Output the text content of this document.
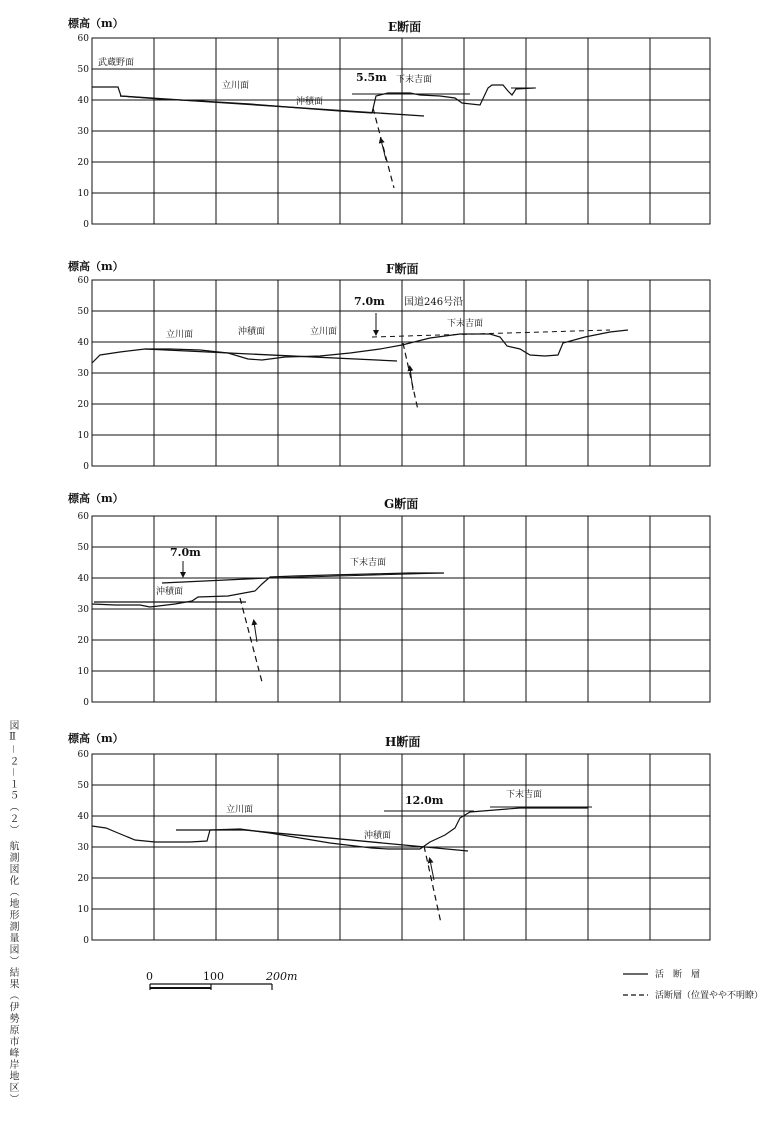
図Ⅱ－２－１５（２） 航測図化（地形測量図）結果（伊勢原市峰岸地区）
標高（m）	E断面
60
50
40
30
20
10
0
武蔵野面
立川面
沖積面
下末吉面
5.5m
標高（m）	F断面
60
50
40
30
20
10
0
立川面	沖積面	立川面
7.0m 国道246号沿
下末吉面
標高（m）	G断面
60
50
40
30
20
10
0
7.0m
下末吉面
沖積面
標高（m）	H断面
60
50
40
30
20
10
0
立川面
12.0m	下末吉面
沖積面
0	100	200m	活　断　層
活断層（位置やや不明瞭）
